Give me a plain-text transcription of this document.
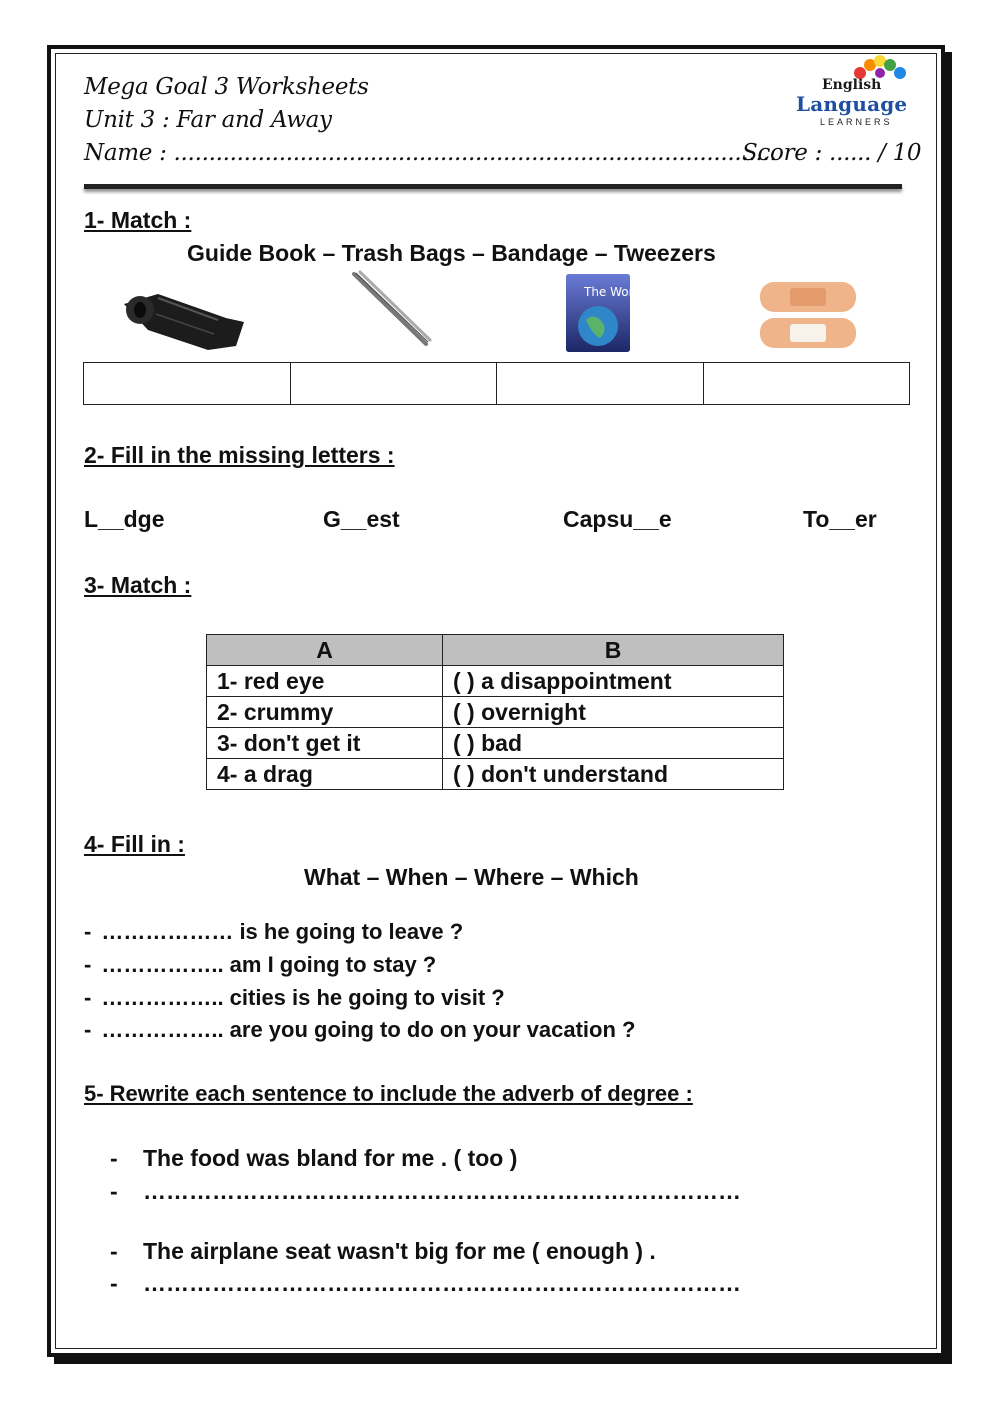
Mega Goal 3 Worksheets
Unit 3 : Far and Away
Name : ......................................................................................
Score : ...... / 10
English
Language
LEARNERS
1- Match :
Guide Book – Trash Bags – Bandage – Tweezers
The World
2- Fill in the missing letters :
L__dge	G__est	Capsu__e	To__er
3- Match :
A	B
1- red eye	( ) a disappointment
2- crummy	( ) overnight
3- don't get it	( ) bad
4- a drag	( ) don't understand
4- Fill in :
What – When – Where – Which
- ……………… is he going to leave ?
- …………….. am I going to stay ?
- …………….. cities is he going to visit ?
- …………….. are you going to do on your vacation ?
5- Rewrite each sentence to include the adverb of degree :
- The food was bland for me . ( too )
- ……………………………………………………………………
- The airplane seat wasn't big for me ( enough ) .
- ……………………………………………………………………
